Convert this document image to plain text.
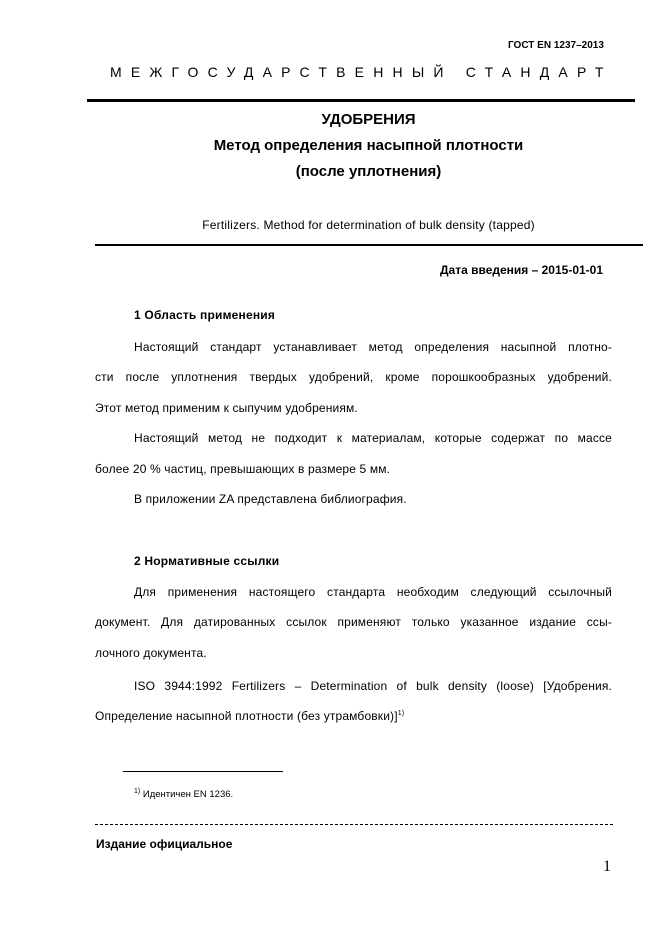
ГОСТ EN 1237–2013
МЕЖГОСУДАРСТВЕННЫЙ СТАНДАРТ
УДОБРЕНИЯ
Метод определения насыпной плотности
(после уплотнения)
Fertilizers. Method for determination of bulk density (tapped)
Дата введения – 2015-01-01
1 Область применения
Настоящий стандарт устанавливает метод определения насыпной плотно-
сти после уплотнения твердых удобрений, кроме порошкообразных удобрений.
Этот метод применим к сыпучим удобрениям.
Настоящий метод не подходит к материалам, которые содержат по массе
более 20 % частиц, превышающих в размере 5 мм.
В приложении ZA представлена библиография.
2 Нормативные ссылки
Для применения настоящего стандарта необходим следующий ссылочный
документ. Для датированных ссылок применяют только указанное издание ссы-
лочного документа.
ISO 3944:1992 Fertilizers – Determination of bulk density (loose) [Удобрения.
Определение насыпной плотности (без утрамбовки)]$^{1)}$
$^{1)}$ Идентичен EN 1236.
Издание официальное
1
